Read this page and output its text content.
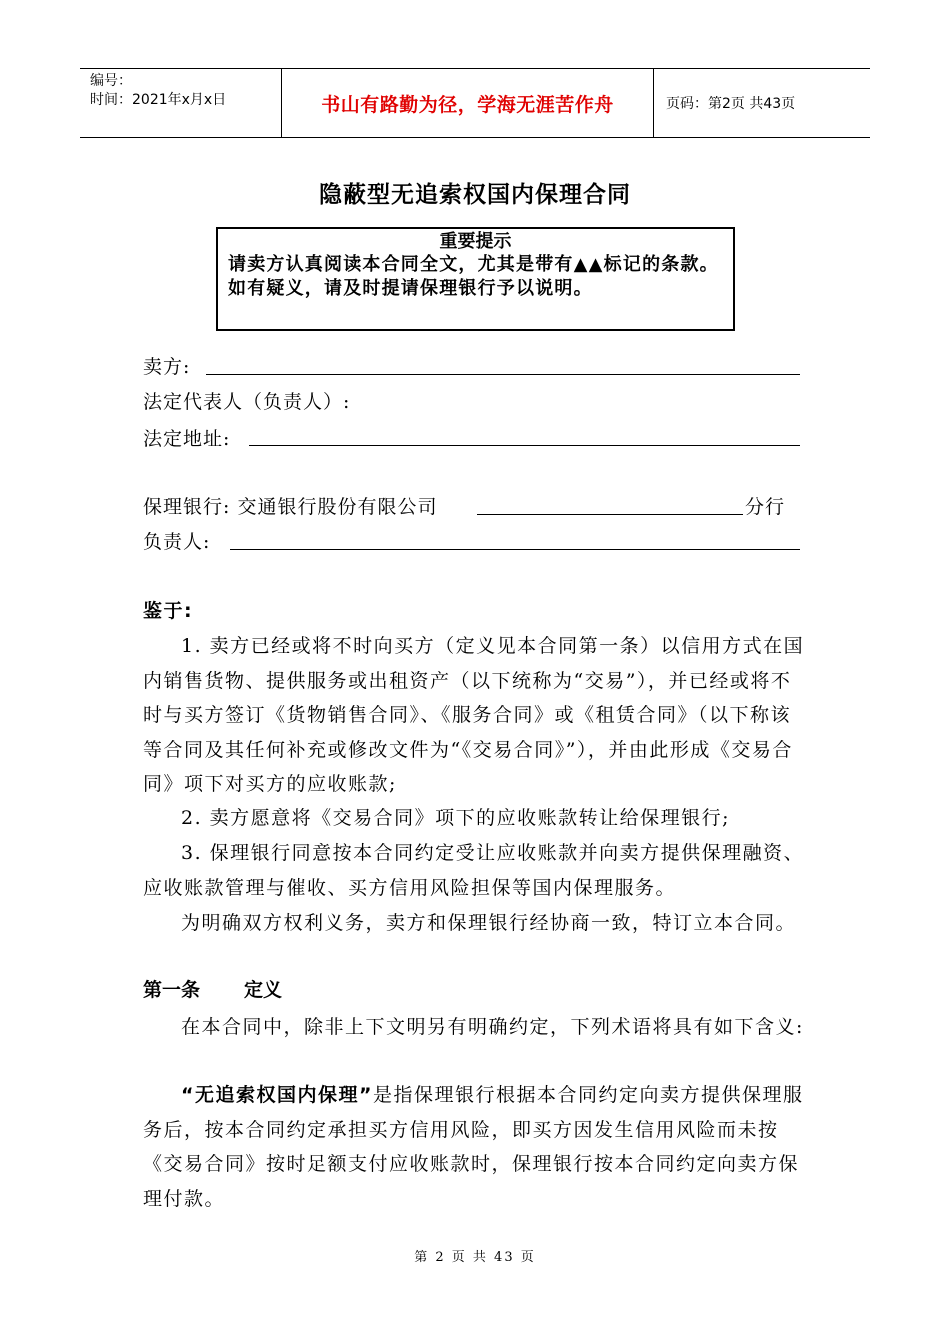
编号：
时间：2021年x月x日	书山有路勤为径，学海无涯苦作舟	页码：第2页 共43页
隐蔽型无追索权国内保理合同
重要提示
请卖方认真阅读本合同全文，尤其是带有▲▲标记的条款。如有疑义，请及时提请保理银行予以说明。
卖方:
法定代表人（负责人）:
法定地址:
保理银行: 交通银行股份有限公司	分行
负责人:
鉴于:
1. 卖方已经或将不时向买方（定义见本合同第一条）以信用方式在国内销售货物、提供服务或出租资产（以下统称为“交易”），并已经或将不时与买方签订《货物销售合同》、《服务合同》或《租赁合同》（以下称该等合同及其任何补充或修改文件为“《交易合同》”），并由此形成《交易合同》项下对买方的应收账款;
2. 卖方愿意将《交易合同》项下的应收账款转让给保理银行;
3. 保理银行同意按本合同约定受让应收账款并向卖方提供保理融资、应收账款管理与催收、买方信用风险担保等国内保理服务。
为明确双方权利义务，卖方和保理银行经协商一致，特订立本合同。
第一条 定义
在本合同中，除非上下文明另有明确约定，下列术语将具有如下含义:
“无追索权国内保理”是指保理银行根据本合同约定向卖方提供保理服务后，按本合同约定承担买方信用风险，即买方因发生信用风险而未按《交易合同》按时足额支付应收账款时，保理银行按本合同约定向卖方保理付款。
第 2 页 共 43 页
